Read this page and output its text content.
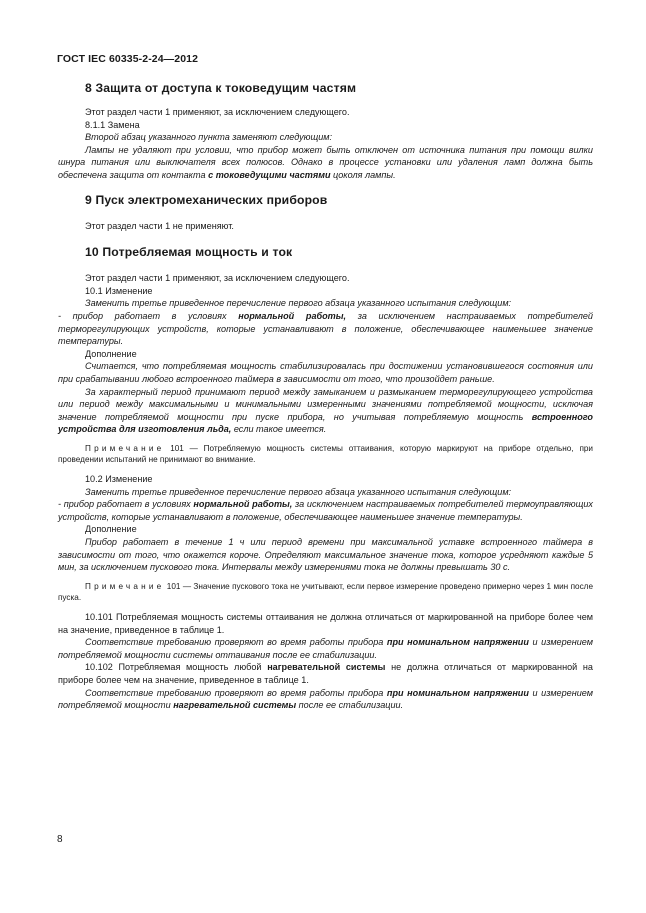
ГОСТ IEC 60335-2-24—2012
8 Защита от доступа к токоведущим частям

Этот раздел части 1 применяют, за исключением следующего.

8.1.1 Замена

Второй абзац указанного пункта заменяют следующим:

Лампы не удаляют при условии, что прибор может быть отключен от источника питания при помощи вилки шнура питания или выключателя всех полюсов. Однако в процессе установки или удаления ламп должна быть обеспечена защита от контакта с токоведущими частями цоколя лампы.

9 Пуск электромеханических приборов

Этот раздел части 1 не применяют.

10 Потребляемая мощность и ток

Этот раздел части 1 применяют, за исключением следующего.

10.1 Изменение

Заменить третье приведенное перечисление первого абзаца указанного испытания следующим:

- прибор работает в условиях нормальной работы, за исключением настраиваемых потребителей терморегулирующих устройств, которые устанавливают в положение, обеспечивающее наименьшее значение температуры.

Дополнение

Считается, что потребляемая мощность стабилизировалась при достижении установившегося состояния или при срабатывании любого встроенного таймера в зависимости от того, что произойдет раньше.

За характерный период принимают период между замыканием и размыканием терморегулирующего устройства или период между максимальными и минимальными измеренными значениями потребляемой мощности, исключая значение потребляемой мощности при пуске прибора, но учитывая потребляемую мощность встроенного устройства для изготовления льда, если такое имеется.

Примечание 101 — Потребляемую мощность системы оттаивания, которую маркируют на приборе отдельно, при проведении испытаний не принимают во внимание.

10.2 Изменение

Заменить третье приведенное перечисление первого абзаца указанного испытания следующим:

- прибор работает в условиях нормальной работы, за исключением настраиваемых потребителей термоуправляющих устройств, которые устанавливают в положение, обеспечивающее наименьшее значение температуры.

Дополнение

Прибор работает в течение 1 ч или период времени при максимальной уставке встроенного таймера в зависимости от того, что окажется короче. Определяют максимальное значение тока, которое усредняют каждые 5 мин, за исключением пускового тока. Интервалы между измерениями тока не должны превышать 30 с.

Примечание 101 — Значение пускового тока не учитывают, если первое измерение проведено примерно через 1 мин после пуска.

10.101 Потребляемая мощность системы оттаивания не должна отличаться от маркированной на приборе более чем на значение, приведенное в таблице 1.

Соответствие требованию проверяют во время работы прибора при номинальном напряжении и измерением потребляемой мощности системы оттаивания после ее стабилизации.

10.102 Потребляемая мощность любой нагревательной системы не должна отличаться от маркированной на приборе более чем на значение, приведенное в таблице 1.

Соответствие требованию проверяют во время работы прибора при номинальном напряжении и измерением потребляемой мощности нагревательной системы после ее стабилизации.

8
